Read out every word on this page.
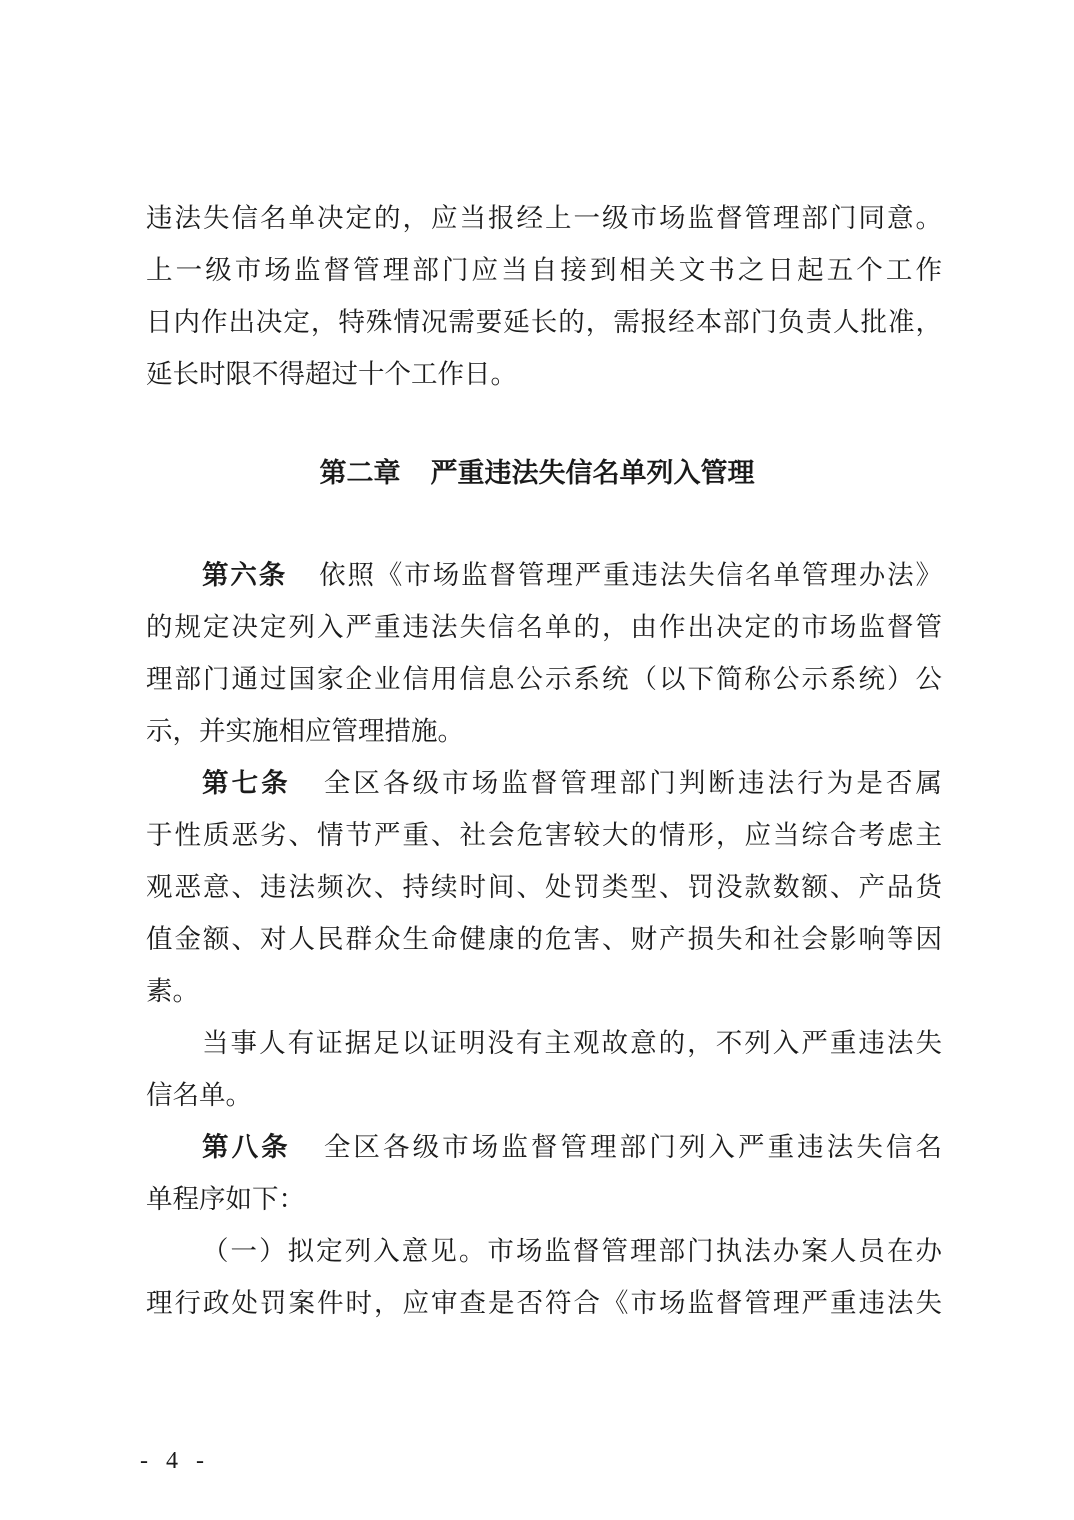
违法失信名单决定的，应当报经上一级市场监督管理部门同意。
上一级市场监督管理部门应当自接到相关文书之日起五个工作
日内作出决定，特殊情况需要延长的，需报经本部门负责人批准，
延长时限不得超过十个工作日。
第二章 严重违法失信名单列入管理
第六条 依照《市场监督管理严重违法失信名单管理办法》
的规定决定列入严重违法失信名单的，由作出决定的市场监督管
理部门通过国家企业信用信息公示系统（以下简称公示系统）公
示，并实施相应管理措施。
第七条 全区各级市场监督管理部门判断违法行为是否属
于性质恶劣、情节严重、社会危害较大的情形，应当综合考虑主
观恶意、违法频次、持续时间、处罚类型、罚没款数额、产品货
值金额、对人民群众生命健康的危害、财产损失和社会影响等因
素。
当事人有证据足以证明没有主观故意的，不列入严重违法失
信名单。
第八条 全区各级市场监督管理部门列入严重违法失信名
单程序如下：
（一）拟定列入意见。市场监督管理部门执法办案人员在办
理行政处罚案件时，应审查是否符合《市场监督管理严重违法失
- 4 -
